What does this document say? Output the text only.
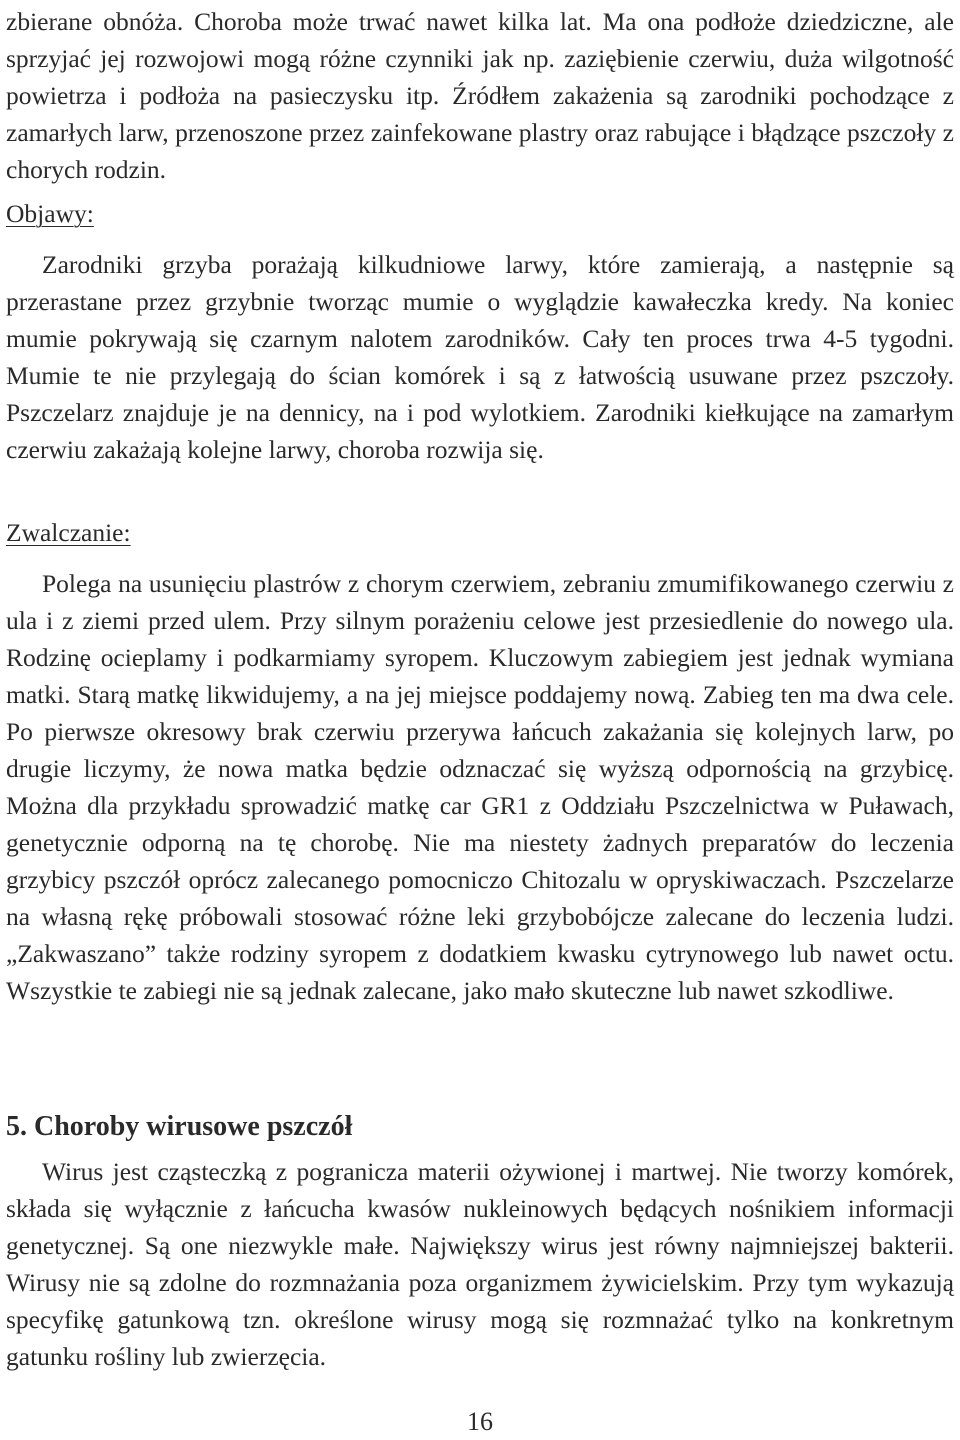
zbierane obnóża. Choroba może trwać nawet kilka lat. Ma ona podłoże dziedziczne, ale sprzyjać jej rozwojowi mogą różne czynniki jak np. zaziębienie czerwiu, duża wilgotność powietrza i podłoża na pasieczysku itp. Źródłem zakażenia są zarodniki pochodzące z zamarłych larw, przenoszone przez zainfekowane plastry oraz rabujące i błądzące pszczoły z chorych rodzin.

Objawy:

Zarodniki grzyba porażają kilkudniowe larwy, które zamierają, a następnie są przerastane przez grzybnie tworząc mumie o wyglądzie kawałeczka kredy. Na koniec mumie pokrywają się czarnym nalotem zarodników. Cały ten proces trwa 4-5 tygodni. Mumie te nie przylegają do ścian komórek i są z łatwością usuwane przez pszczoły. Pszczelarz znajduje je na dennicy, na i pod wylotkiem. Zarodniki kiełkujące na zamarłym czerwiu zakażają kolejne larwy, choroba rozwija się.

Zwalczanie:

Polega na usunięciu plastrów z chorym czerwiem, zebraniu zmumifikowanego czerwiu z ula i z ziemi przed ulem. Przy silnym porażeniu celowe jest przesiedlenie do nowego ula. Rodzinę ocieplamy i podkarmiamy syropem. Kluczowym zabiegiem jest jednak wymiana matki. Starą matkę likwidujemy, a na jej miejsce poddajemy nową. Zabieg ten ma dwa cele. Po pierwsze okresowy brak czerwiu przerywa łańcuch zakażania się kolejnych larw, po drugie liczymy, że nowa matka będzie odznaczać się wyższą odpornością na grzybicę. Można dla przykładu sprowadzić matkę car GR1 z Oddziału Pszczelnictwa w Puławach, genetycznie odporną na tę chorobę. Nie ma niestety żadnych preparatów do leczenia grzybicy pszczół oprócz zalecanego pomocniczo Chitozalu w opryskiwaczach. Pszczelarze na własną rękę próbowali stosować różne leki grzybobójcze zalecane do leczenia ludzi. „Zakwaszano” także rodziny syropem z dodatkiem kwasku cytrynowego lub nawet octu. Wszystkie te zabiegi nie są jednak zalecane, jako mało skuteczne lub nawet szkodliwe.

5. Choroby wirusowe pszczół

Wirus jest cząsteczką z pogranicza materii ożywionej i martwej. Nie tworzy komórek, składa się wyłącznie z łańcucha kwasów nukleinowych będących nośnikiem informacji genetycznej. Są one niezwykle małe. Największy wirus jest równy najmniejszej bakterii. Wirusy nie są zdolne do rozmnażania poza organizmem żywicielskim. Przy tym wykazują specyfikę gatunkową tzn. określone wirusy mogą się rozmnażać tylko na konkretnym gatunku rośliny lub zwierzęcia.

16
